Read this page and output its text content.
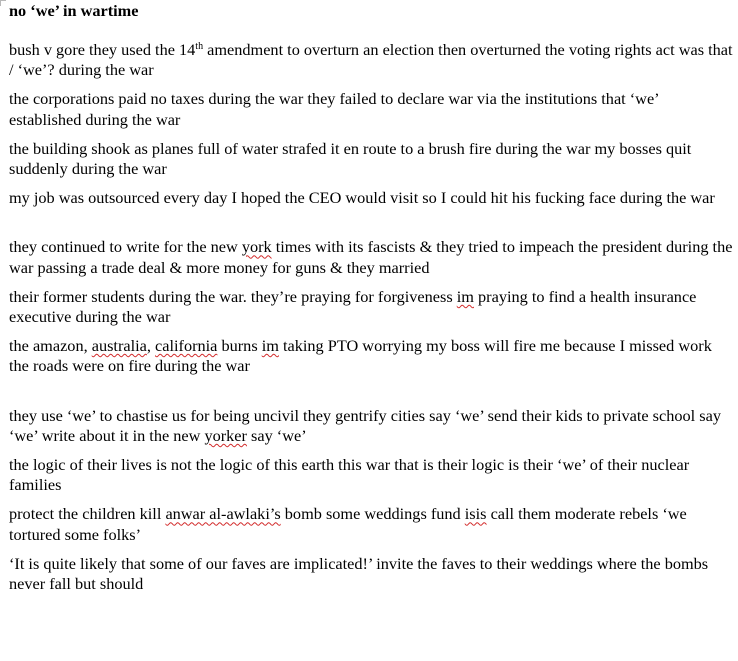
no ‘we’ in wartime

bush v gore they used the 14th amendment to overturn an election then overturned the voting rights act was that / ‘we’? during the war

the corporations paid no taxes during the war they failed to declare war via the institutions that ‘we’ established during the war

the building shook as planes full of water strafed it en route to a brush fire during the war my bosses quit suddenly during the war

my job was outsourced every day I hoped the CEO would visit so I could hit his fucking face during the war

they continued to write for the new york times with its fascists & they tried to impeach the president during the war passing a trade deal & more money for guns & they married

their former students during the war. they’re praying for forgiveness im praying to find a health insurance executive during the war

the amazon, australia, california burns im taking PTO worrying my boss will fire me because I missed work the roads were on fire during the war

they use ‘we’ to chastise us for being uncivil they gentrify cities say ‘we’ send their kids to private school say ‘we’ write about it in the new yorker say ‘we’

the logic of their lives is not the logic of this earth this war that is their logic is their ‘we’ of their nuclear families

protect the children kill anwar al-awlaki’s bomb some weddings fund isis call them moderate rebels ‘we tortured some folks’

‘It is quite likely that some of our faves are implicated!’ invite the faves to their weddings where the bombs never fall but should
